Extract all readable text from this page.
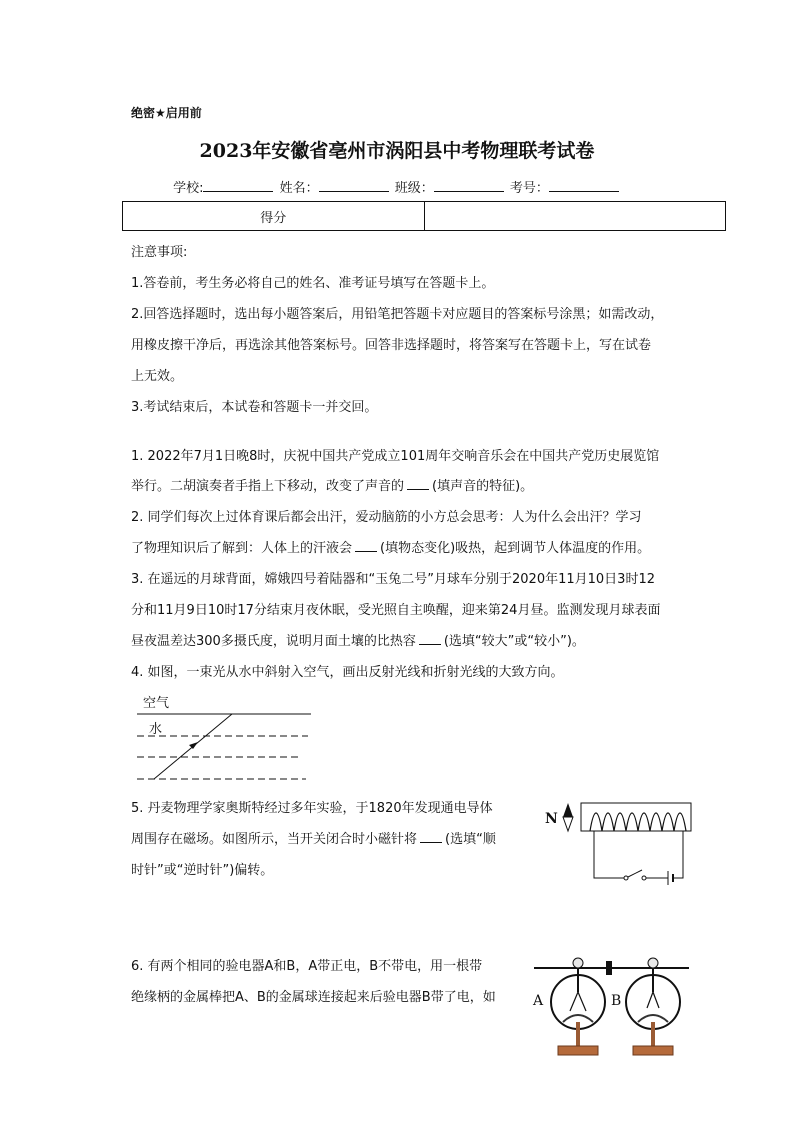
绝密★启用前
2023年安徽省亳州市涡阳县中考物理联考试卷
学校:	姓名：	班级：	考号：
得分
注意事项:
1.答卷前，考生务必将自己的姓名、准考证号填写在答题卡上。
2.回答选择题时，选出每小题答案后，用铅笔把答题卡对应题目的答案标号涂黑；如需改动，
用橡皮擦干净后，再选涂其他答案标号。回答非选择题时，将答案写在答题卡上，写在试卷
上无效。
3.考试结束后，本试卷和答题卡一并交回。
1. 2022年7月1日晚8时，庆祝中国共产党成立101周年交响音乐会在中国共产党历史展览馆
举行。二胡演奏者手指上下移动，改变了声音的 (填声音的特征)。
2. 同学们每次上过体育课后都会出汗，爱动脑筋的小方总会思考：人为什么会出汗？学习
了物理知识后了解到：人体上的汗液会 (填物态变化)吸热，起到调节人体温度的作用。
3. 在遥远的月球背面，嫦娥四号着陆器和“玉兔二号”月球车分别于2020年11月10日3时12
分和11月9日10时17分结束月夜休眠，受光照自主唤醒，迎来第24月昼。监测发现月球表面
昼夜温差达300多摄氏度，说明月面土壤的比热容 (选填“较大”或“较小”)。
4. 如图，一束光从水中斜射入空气，画出反射光线和折射光线的大致方向。
空气
水
5. 丹麦物理学家奥斯特经过多年实验，于1820年发现通电导体
周围存在磁场。如图所示，当开关闭合时小磁针将 (选填“顺
时针”或“逆时针”)偏转。
N
6. 有两个相同的验电器A和B，A带正电，B不带电，用一根带
绝缘柄的金属棒把A、B的金属球连接起来后验电器B带了电，如	A	B
